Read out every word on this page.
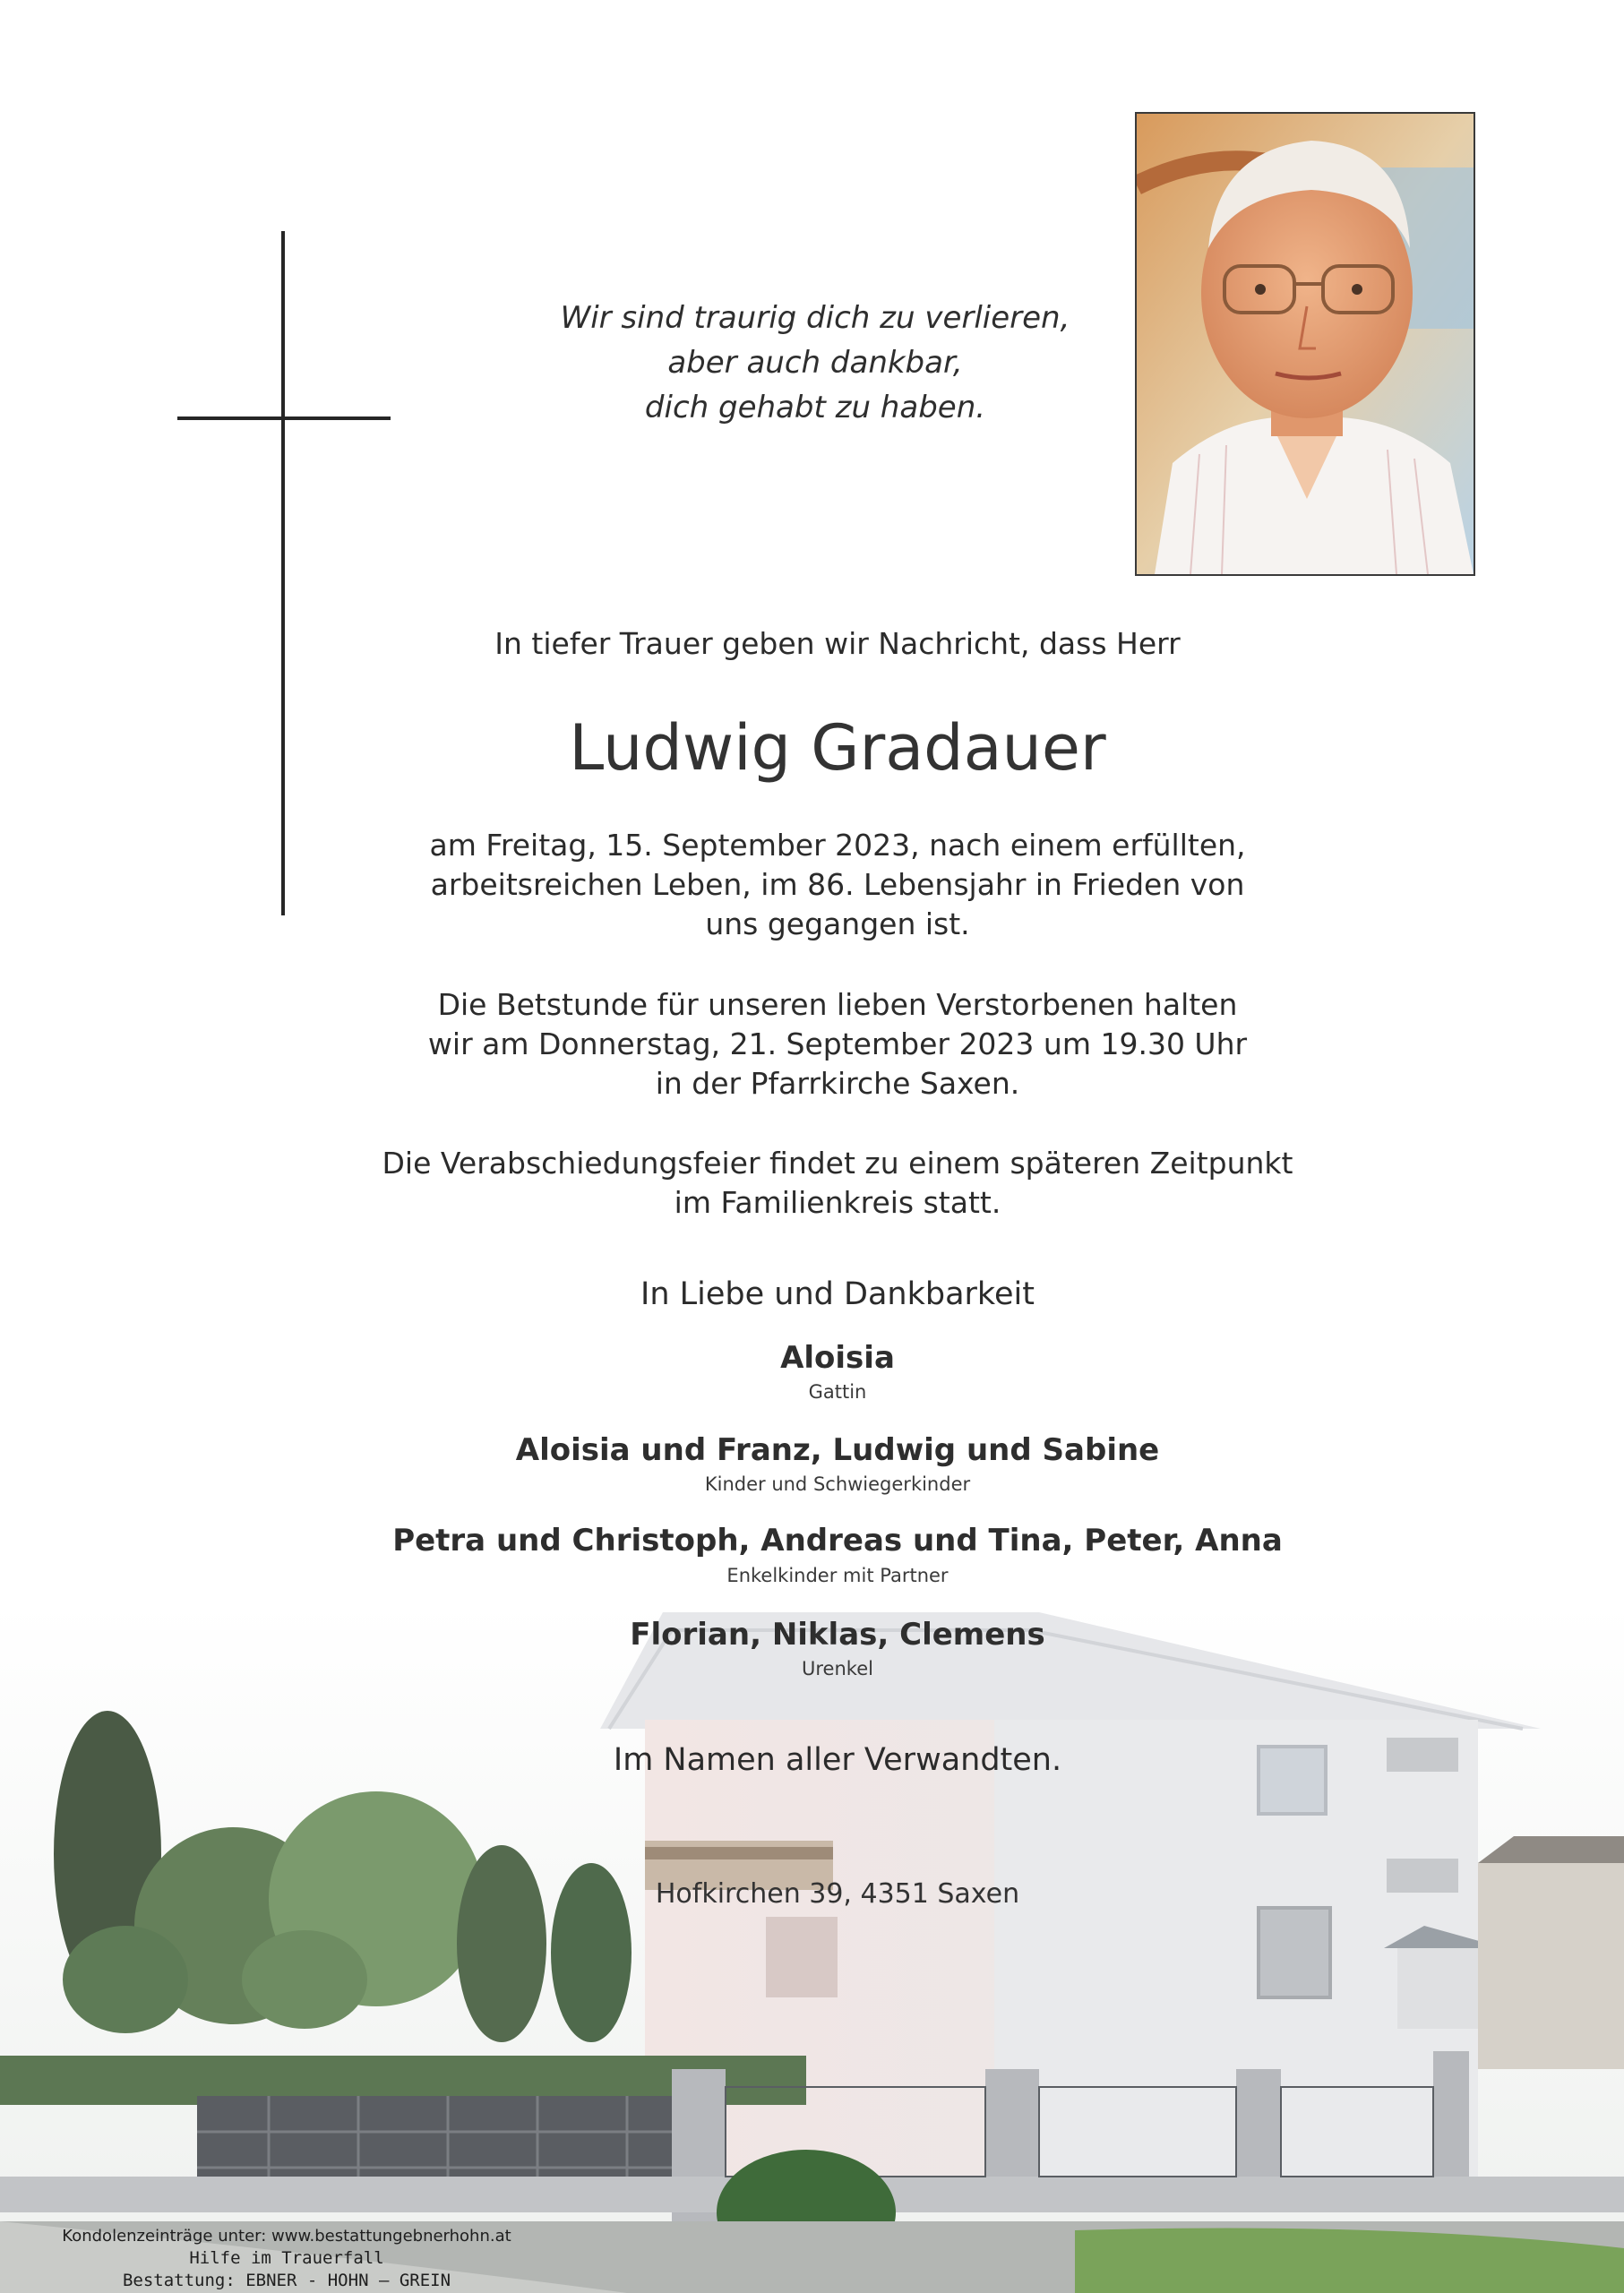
Wir sind traurig dich zu verlieren,
aber auch dankbar,
dich gehabt zu haben.
In tiefer Trauer geben wir Nachricht, dass Herr
Ludwig Gradauer
am Freitag, 15. September 2023, nach einem erfüllten,
arbeitsreichen Leben, im 86. Lebensjahr in Frieden von
uns gegangen ist.
Die Betstunde für unseren lieben Verstorbenen halten
wir am Donnerstag, 21. September 2023 um 19.30 Uhr
in der Pfarrkirche Saxen.
Die Verabschiedungsfeier findet zu einem späteren Zeitpunkt
im Familienkreis statt.
In Liebe und Dankbarkeit
Aloisia
Gattin
Aloisia und Franz, Ludwig und Sabine
Kinder und Schwiegerkinder
Petra und Christoph, Andreas und Tina, Peter, Anna
Enkelkinder mit Partner
Florian, Niklas, Clemens
Urenkel
Im Namen aller Verwandten.
Hofkirchen 39, 4351 Saxen
Kondolenzeinträge unter: www.bestattungebnerhohn.at
Hilfe im Trauerfall
Bestattung: EBNER - HOHN – GREIN
